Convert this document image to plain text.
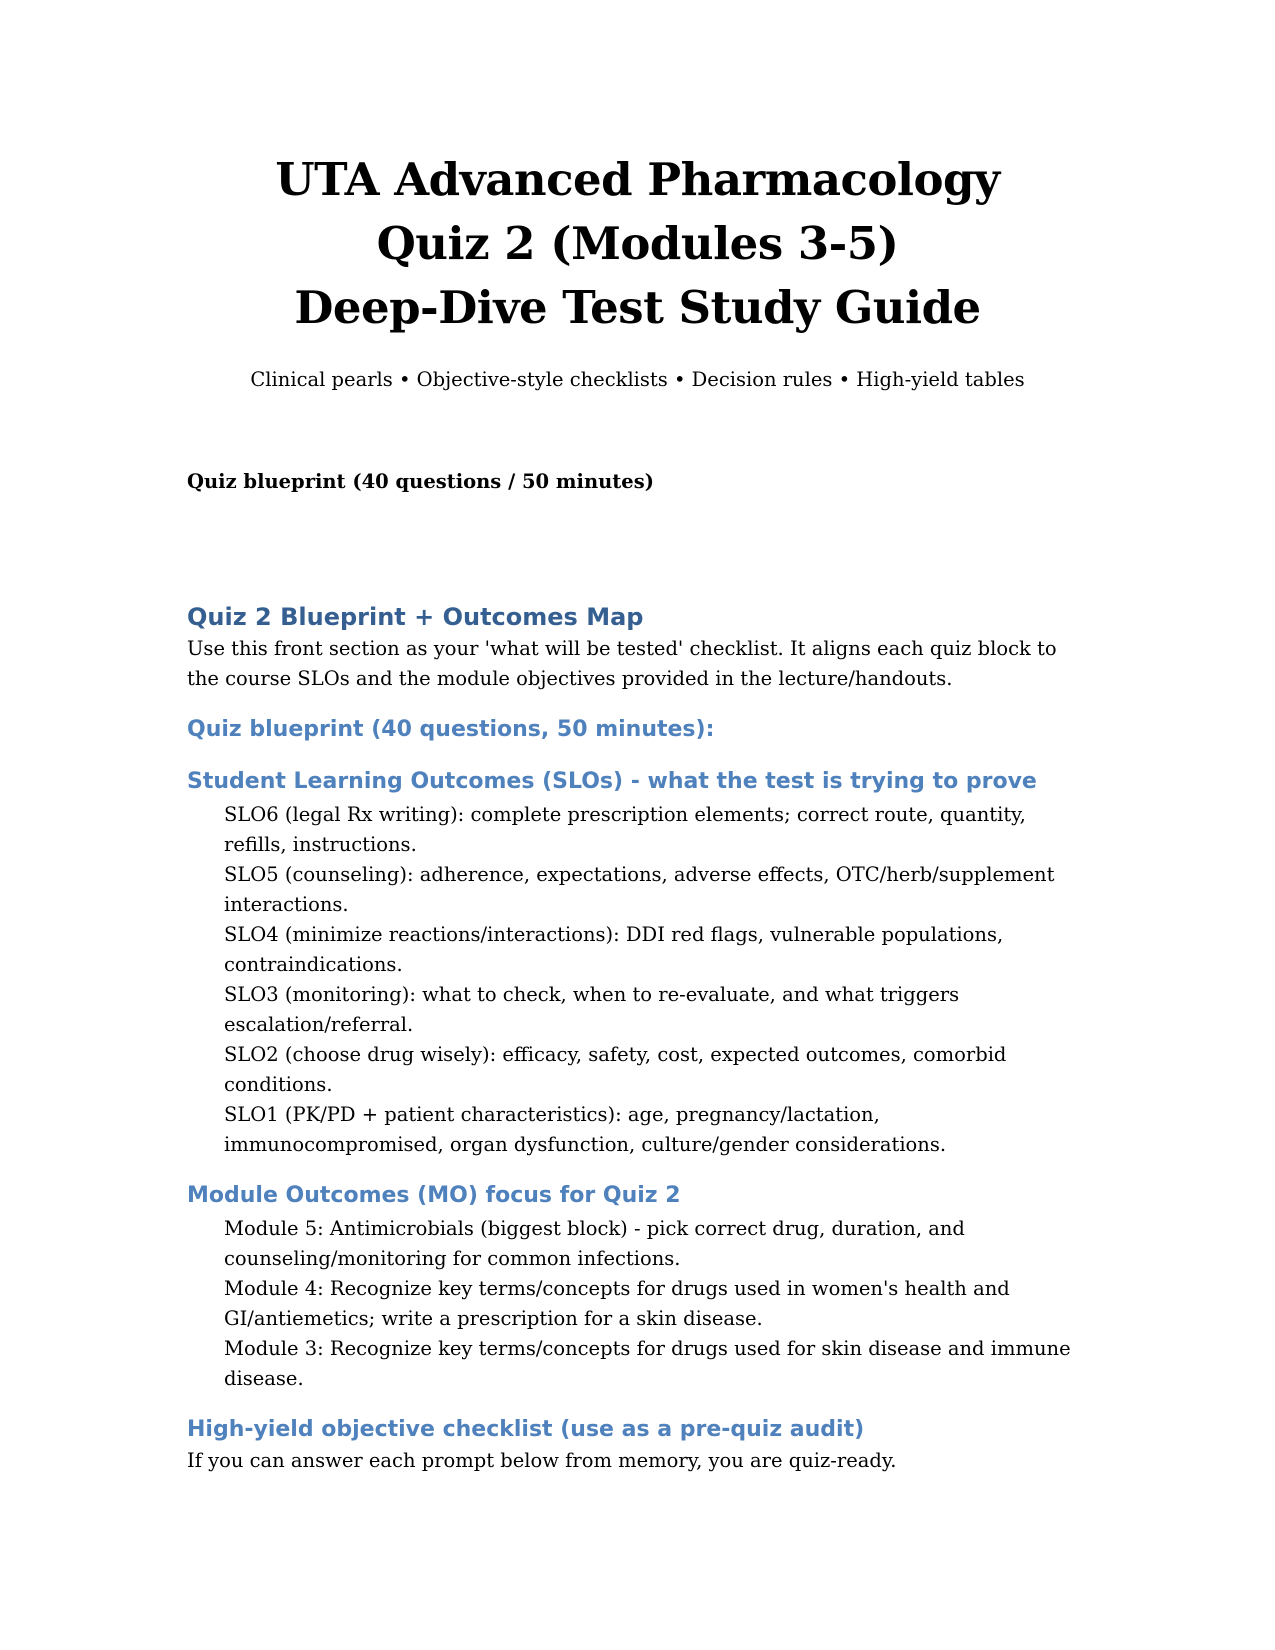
UTA Advanced Pharmacology
Quiz 2 (Modules 3-5)
Deep-Dive Test Study Guide
Clinical pearls • Objective-style checklists • Decision rules • High-yield tables
Quiz blueprint (40 questions / 50 minutes)
Quiz 2 Blueprint + Outcomes Map

Use this front section as your 'what will be tested' checklist. It aligns each quiz block to the course SLOs and the module objectives provided in the lecture/handouts.

Quiz blueprint (40 questions, 50 minutes):
Student Learning Outcomes (SLOs) - what the test is trying to prove
SLO6 (legal Rx writing): complete prescription elements; correct route, quantity, refills, instructions.
SLO5 (counseling): adherence, expectations, adverse effects, OTC/herb/supplement interactions.
SLO4 (minimize reactions/interactions): DDI red flags, vulnerable populations, contraindications.
SLO3 (monitoring): what to check, when to re-evaluate, and what triggers escalation/referral.
SLO2 (choose drug wisely): efficacy, safety, cost, expected outcomes, comorbid conditions.
SLO1 (PK/PD + patient characteristics): age, pregnancy/lactation, immunocompromised, organ dysfunction, culture/gender considerations.
Module Outcomes (MO) focus for Quiz 2
Module 5: Antimicrobials (biggest block) - pick correct drug, duration, and counseling/monitoring for common infections.
Module 4: Recognize key terms/concepts for drugs used in women's health and GI/antiemetics; write a prescription for a skin disease.
Module 3: Recognize key terms/concepts for drugs used for skin disease and immune disease.
High-yield objective checklist (use as a pre-quiz audit)

If you can answer each prompt below from memory, you are quiz-ready.
